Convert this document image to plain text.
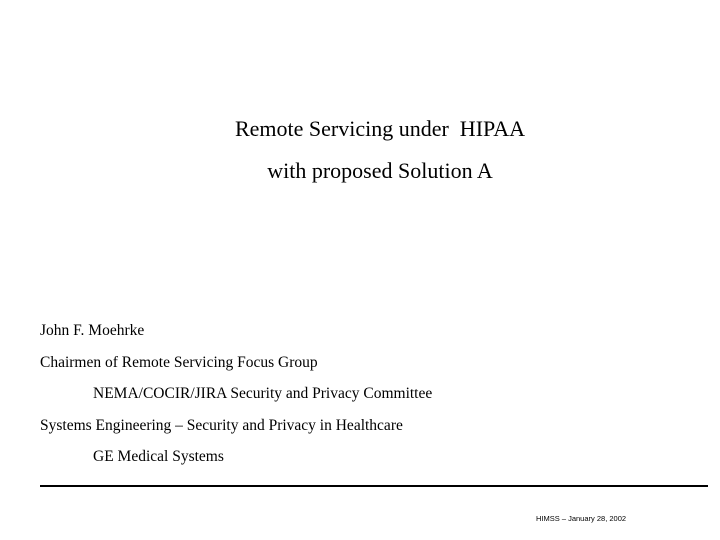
Remote Servicing under  HIPAA
with proposed Solution A
John F. Moehrke
Chairmen of Remote Servicing Focus Group
NEMA/COCIR/JIRA Security and Privacy Committee
Systems Engineering – Security and Privacy in Healthcare
GE Medical Systems
HIMSS – January 28, 2002
